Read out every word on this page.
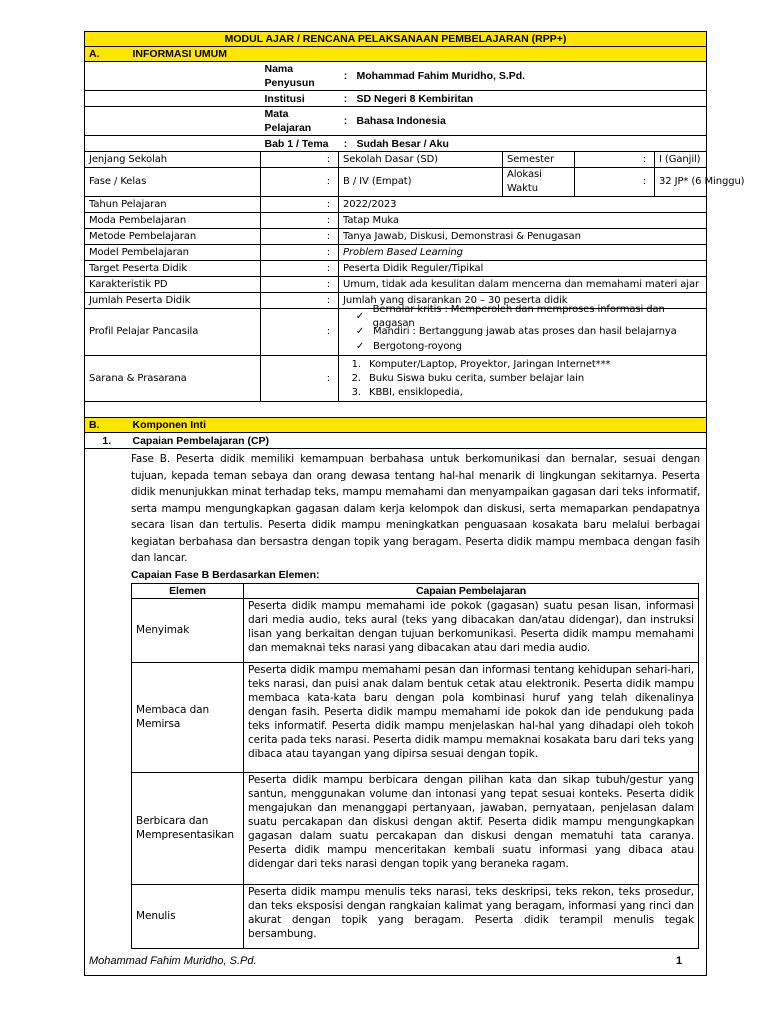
MODUL AJAR / RENCANA PELAKSANAAN PEMBELAJARAN (RPP+)
A.	INFORMASI UMUM
	Nama Penyusun	:	Mohammad Fahim Muridho, S.Pd.
	Institusi	:	SD Negeri 8 Kembiritan
	Mata Pelajaran	:	Bahasa Indonesia
	Bab 1 / Tema	:	Sudah Besar / Aku
Jenjang Sekolah	:	Sekolah Dasar (SD)	Semester	:	I (Ganjil)
Fase / Kelas	:	B / IV (Empat)	Alokasi Waktu	:	32 JP* (6 Minggu)
Tahun Pelajaran	:	2022/2023
Moda Pembelajaran	:	Tatap Muka
Metode Pembelajaran	:	Tanya Jawab, Diskusi, Demonstrasi & Penugasan
Model Pembelajaran	:	Problem Based Learning
Target Peserta Didik	:	Peserta Didik Reguler/Tipikal
Karakteristik PD	:	Umum, tidak ada kesulitan dalam mencerna dan memahami materi ajar
Jumlah Peserta Didik	:	Jumlah yang disarankan 20 – 30 peserta didik
Profil Pelajar Pancasila	:	
✓
Bernalar kritis : Memperoleh dan memproses informasi dan gagasan
✓ Mandiri : Bertanggung jawab atas proses dan hasil belajarnya
✓ Bergotong-royong

Sarana & Prasarana	:	
1. Komputer/Laptop, Proyektor, Jaringan Internet***
2. Buku Siswa buku cerita, sumber belajar lain
3. KBBI, ensiklopedia,

B.	Komponen Inti
1.	Capaian Pembelajaran (CP)

Fase B. Peserta didik memiliki kemampuan berbahasa untuk berkomunikasi dan bernalar, sesuai dengan tujuan, kepada teman sebaya dan orang dewasa tentang hal-hal menarik di lingkungan sekitarnya. Peserta didik menunjukkan minat terhadap teks, mampu memahami dan menyampaikan gagasan dari teks informatif, serta mampu mengungkapkan gagasan dalam kerja kelompok dan diskusi, serta memaparkan pendapatnya secara lisan dan tertulis. Peserta didik mampu meningkatkan penguasaan kosakata baru melalui berbagai kegiatan berbahasa dan bersastra dengan topik yang beragam. Peserta didik mampu membaca dengan fasih dan lancar.
Capaian Fase B Berdasarkan Elemen:
Elemen	Capaian Pembelajaran
Menyimak	Peserta didik mampu memahami ide pokok (gagasan) suatu pesan lisan, informasi dari media audio, teks aural (teks yang dibacakan dan/atau didengar), dan instruksi lisan yang berkaitan dengan tujuan berkomunikasi. Peserta didik mampu memahami dan memaknai teks narasi yang dibacakan atau dari media audio.
Membaca dan Memirsa	Peserta didik mampu memahami pesan dan informasi tentang kehidupan sehari-hari, teks narasi, dan puisi anak dalam bentuk cetak atau elektronik. Peserta didik mampu membaca kata-kata baru dengan pola kombinasi huruf yang telah dikenalinya dengan fasih. Peserta didik mampu memahami ide pokok dan ide pendukung pada teks informatif. Peserta didik mampu menjelaskan hal-hal yang dihadapi oleh tokoh cerita pada teks narasi. Peserta didik mampu memaknai kosakata baru dari teks yang dibaca atau tayangan yang dipirsa sesuai dengan topik.
Berbicara dan Mempresentasikan	Peserta didik mampu berbicara dengan pilihan kata dan sikap tubuh/gestur yang santun, menggunakan volume dan intonasi yang tepat sesuai konteks. Peserta didik mengajukan dan menanggapi pertanyaan, jawaban, pernyataan, penjelasan dalam suatu percakapan dan diskusi dengan aktif. Peserta didik mampu mengungkapkan gagasan dalam suatu percakapan dan diskusi dengan mematuhi tata caranya. Peserta didik mampu menceritakan kembali suatu informasi yang dibaca atau didengar dari teks narasi dengan topik yang beraneka ragam.
Menulis	Peserta didik mampu menulis teks narasi, teks deskripsi, teks rekon, teks prosedur, dan teks eksposisi dengan rangkaian kalimat yang beragam, informasi yang rinci dan akurat dengan topik yang beragam. Peserta didik terampil menulis tegak bersambung.
Mohammad Fahim Muridho, S.Pd.	1
